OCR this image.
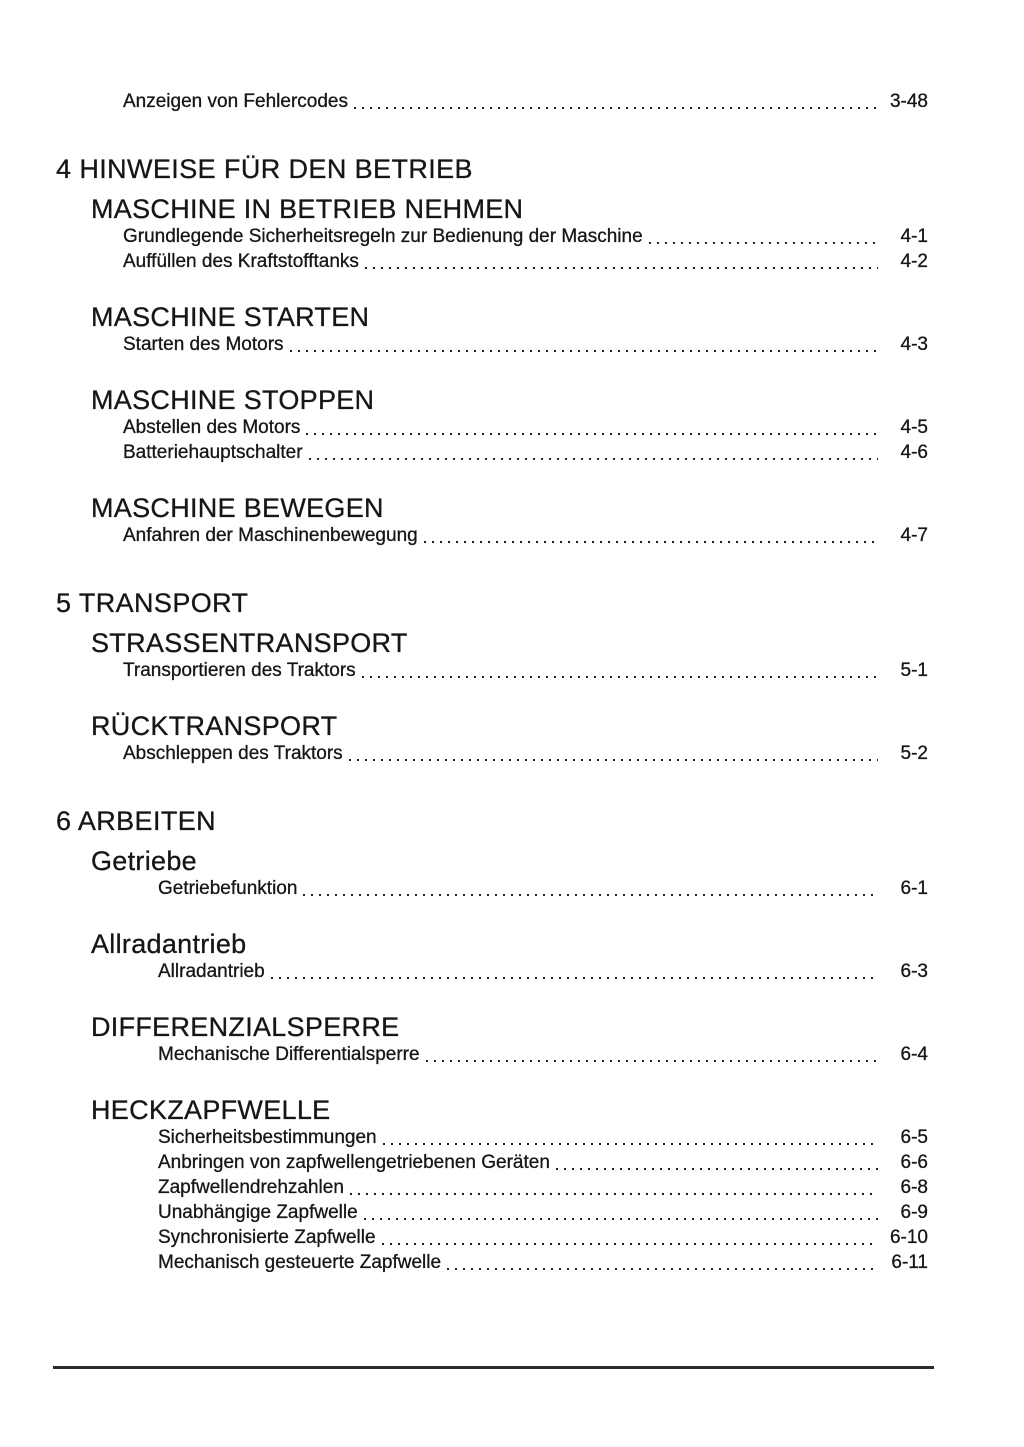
Anzeigen von Fehlercodes	3-48
4 HINWEISE FÜR DEN BETRIEB
MASCHINE IN BETRIEB NEHMEN
Grundlegende Sicherheitsregeln zur Bedienung der Maschine	4-1
Auffüllen des Kraftstofftanks	4-2
MASCHINE STARTEN
Starten des Motors	4-3
MASCHINE STOPPEN
Abstellen des Motors	4-5
Batteriehauptschalter	4-6
MASCHINE BEWEGEN
Anfahren der Maschinenbewegung	4-7
5 TRANSPORT
STRASSENTRANSPORT
Transportieren des Traktors	5-1
RÜCKTRANSPORT
Abschleppen des Traktors	5-2
6 ARBEITEN
Getriebe
Getriebefunktion	6-1
Allradantrieb
Allradantrieb	6-3
DIFFERENZIALSPERRE
Mechanische Differentialsperre	6-4
HECKZAPFWELLE
Sicherheitsbestimmungen	6-5
Anbringen von zapfwellengetriebenen Geräten	6-6
Zapfwellendrehzahlen	6-8
Unabhängige Zapfwelle	6-9
Synchronisierte Zapfwelle	6-10
Mechanisch gesteuerte Zapfwelle	6-11
